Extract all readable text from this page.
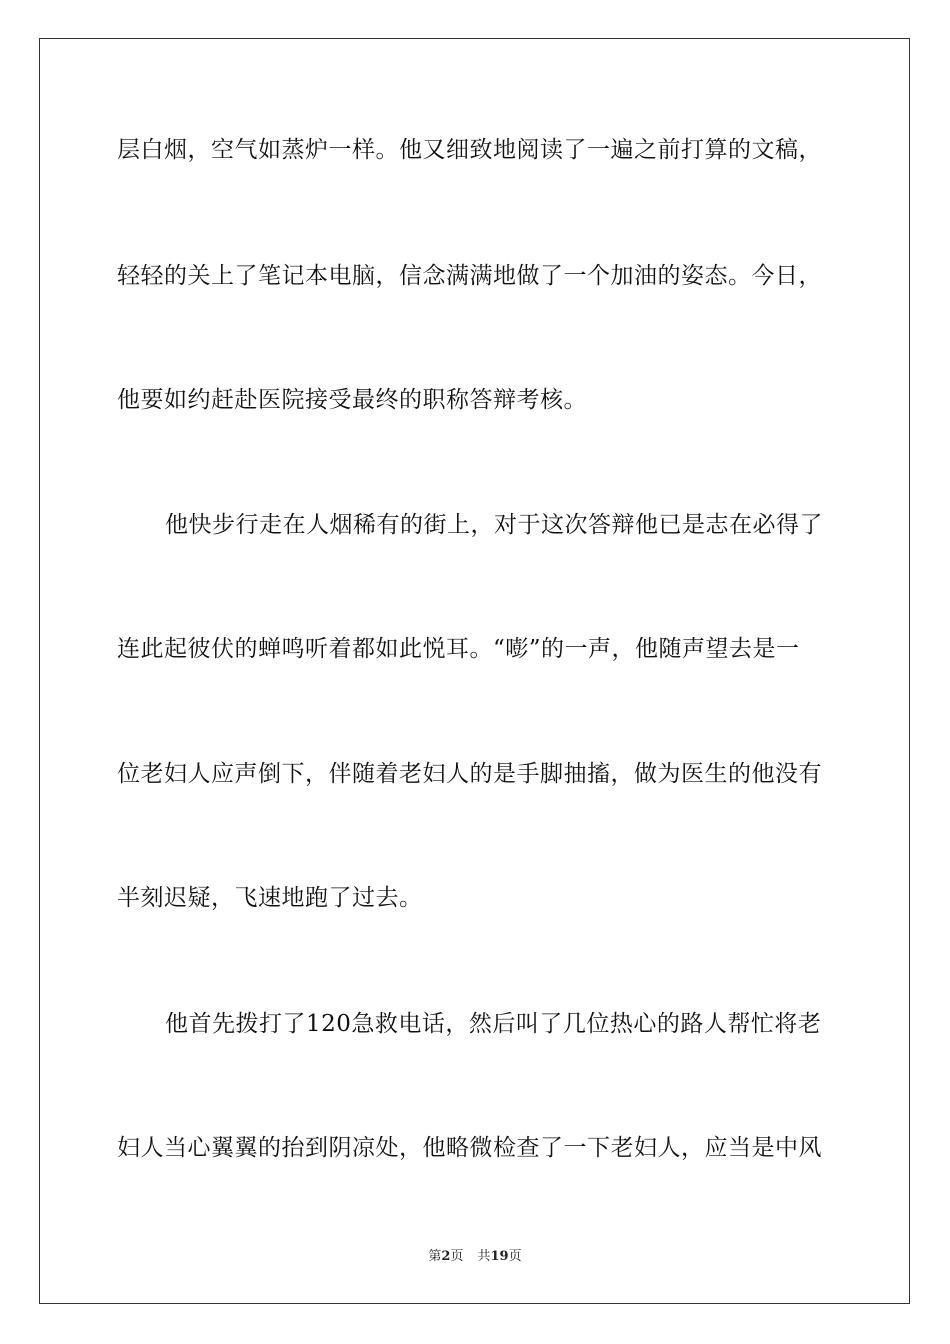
层白烟，空气如蒸炉一样。他又细致地阅读了一遍之前打算的文稿，
轻轻的关上了笔记本电脑，信念满满地做了一个加油的姿态。今日，
他要如约赶赴医院接受最终的职称答辩考核。
他快步行走在人烟稀有的街上，对于这次答辩他已是志在必得了
连此起彼伏的蝉鸣听着都如此悦耳。“嘭”的一声，他随声望去是一
位老妇人应声倒下，伴随着老妇人的是手脚抽搐，做为医生的他没有
半刻迟疑，飞速地跑了过去。
他首先拨打了120急救电话，然后叫了几位热心的路人帮忙将老
妇人当心翼翼的抬到阴凉处，他略微检查了一下老妇人，应当是中风
第2页 共19页
